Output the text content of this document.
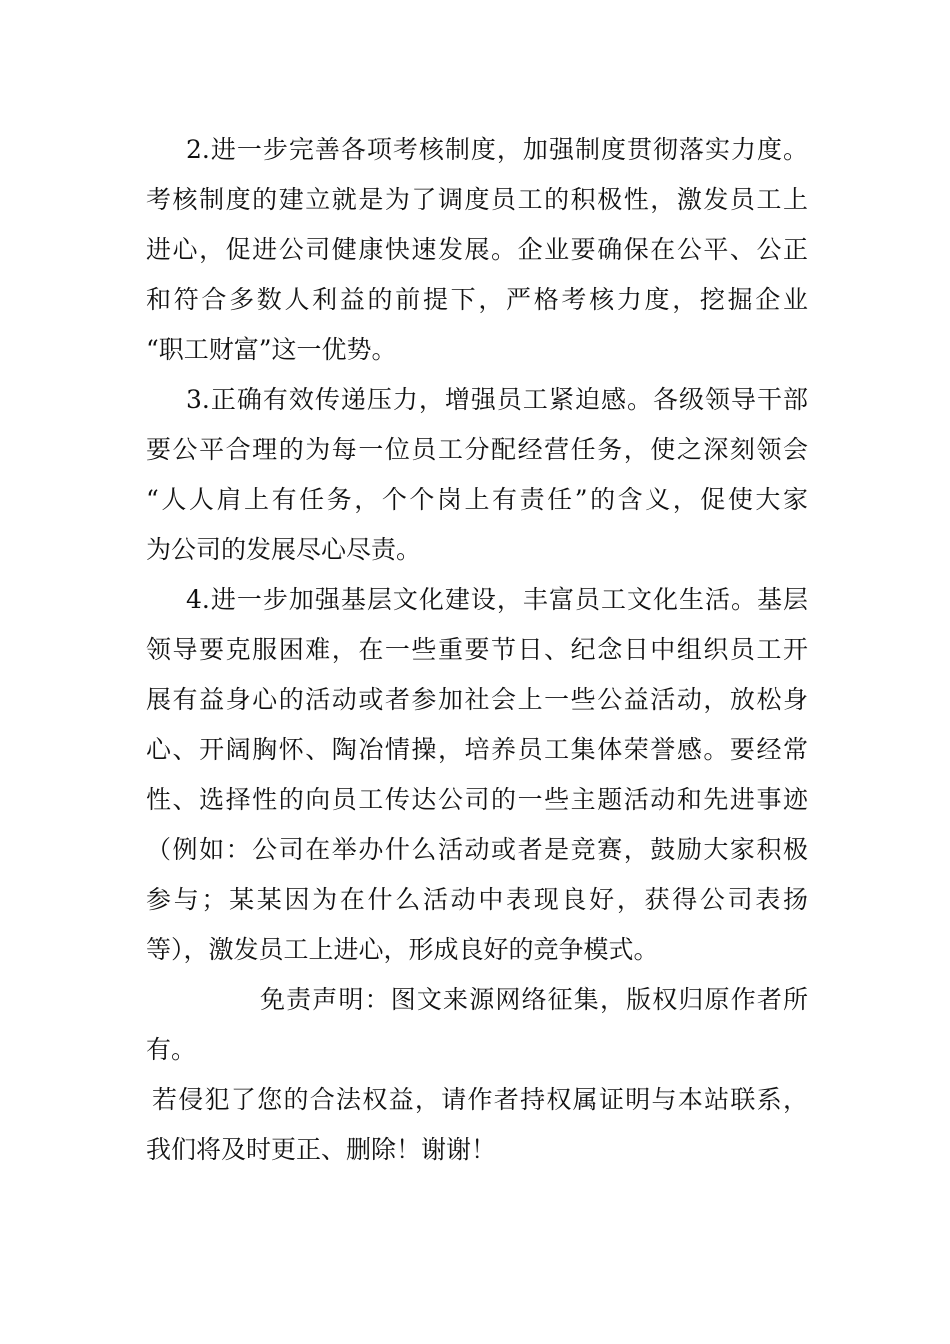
2.进一步完善各项考核制度，加强制度贯彻落实力度。
考核制度的建立就是为了调度员工的积极性，激发员工上
进心，促进公司健康快速发展。企业要确保在公平、公正
和符合多数人利益的前提下，严格考核力度，挖掘企业
“职工财富”这一优势。
3.正确有效传递压力，增强员工紧迫感。各级领导干部
要公平合理的为每一位员工分配经营任务，使之深刻领会
“人人肩上有任务，个个岗上有责任”的含义，促使大家
为公司的发展尽心尽责。
4.进一步加强基层文化建设，丰富员工文化生活。基层
领导要克服困难，在一些重要节日、纪念日中组织员工开
展有益身心的活动或者参加社会上一些公益活动，放松身
心、开阔胸怀、陶冶情操，培养员工集体荣誉感。要经常
性、选择性的向员工传达公司的一些主题活动和先进事迹
（例如：公司在举办什么活动或者是竞赛，鼓励大家积极
参与；某某因为在什么活动中表现良好，获得公司表扬
等），激发员工上进心，形成良好的竞争模式。
免责声明：图文来源网络征集，版权归原作者所
有。
若侵犯了您的合法权益，请作者持权属证明与本站联系，
我们将及时更正、删除！谢谢！
